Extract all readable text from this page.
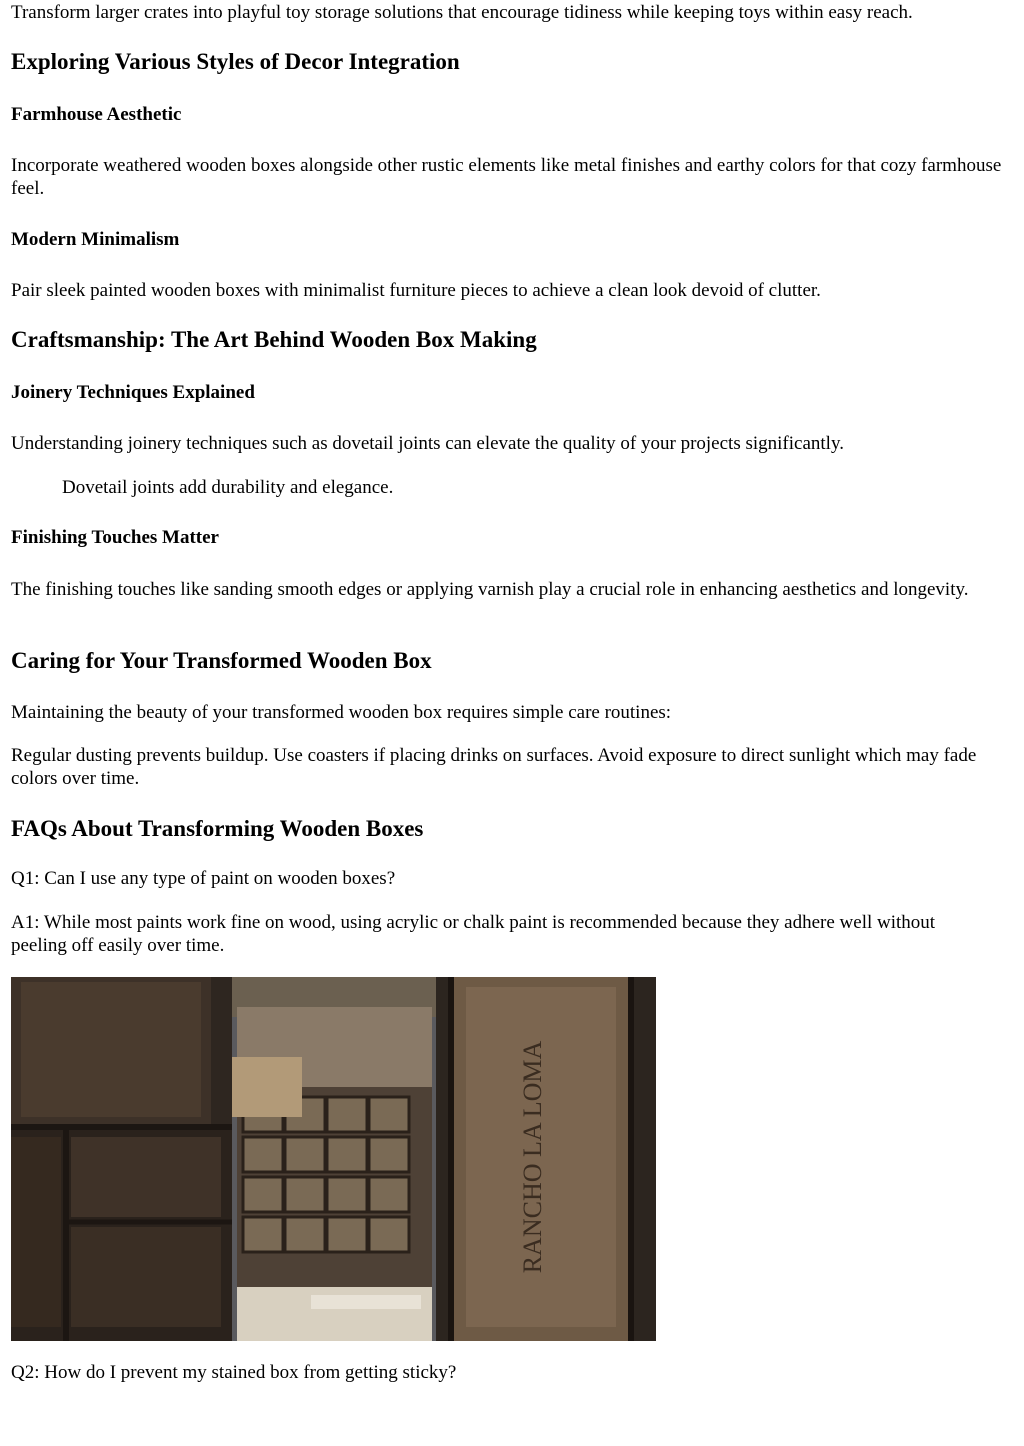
Transform larger crates into playful toy storage solutions that encourage tidiness while keeping toys within easy reach.

Exploring Various Styles of Decor Integration
Farmhouse Aesthetic

Incorporate weathered wooden boxes alongside other rustic elements like metal finishes and earthy colors for that cozy farmhouse feel.

Modern Minimalism

Pair sleek painted wooden boxes with minimalist furniture pieces to achieve a clean look devoid of clutter.

Craftsmanship: The Art Behind Wooden Box Making
Joinery Techniques Explained

Understanding joinery techniques such as dovetail joints can elevate the quality of your projects significantly.

Dovetail joints add durability and elegance.

Finishing Touches Matter

The finishing touches like sanding smooth edges or applying varnish play a crucial role in enhancing aesthetics and longevity.

Caring for Your Transformed Wooden Box

Maintaining the beauty of your transformed wooden box requires simple care routines:

Regular dusting prevents buildup. Use coasters if placing drinks on surfaces. Avoid exposure to direct sunlight which may fade colors over time.

FAQs About Transforming Wooden Boxes

Q1: Can I use any type of paint on wooden boxes?

A1: While most paints work fine on wood, using acrylic or chalk paint is recommended because they adhere well without peeling off easily over time.

RANCHO LA LOMA

Q2: How do I prevent my stained box from getting sticky?
